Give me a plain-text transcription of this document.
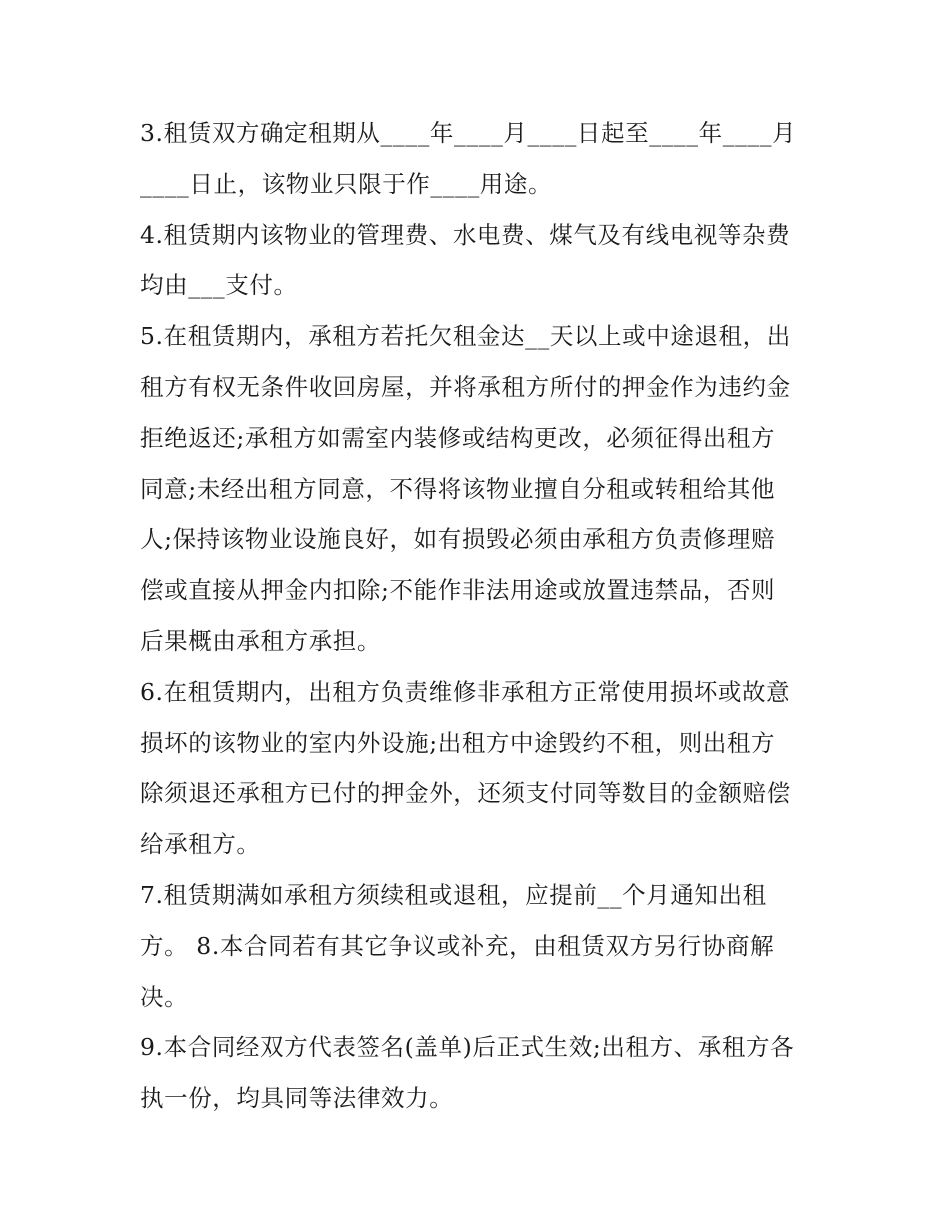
3.租赁双方确定租期从____年____月____日起至____年____月
____日止，该物业只限于作____用途。
4.租赁期内该物业的管理费、水电费、煤气及有线电视等杂费
均由___支付。
5.在租赁期内，承租方若托欠租金达__天以上或中途退租，出
租方有权无条件收回房屋，并将承租方所付的押金作为违约金
拒绝返还;承租方如需室内装修或结构更改，必须征得出租方
同意;未经出租方同意，不得将该物业擅自分租或转租给其他
人;保持该物业设施良好，如有损毁必须由承租方负责修理赔
偿或直接从押金内扣除;不能作非法用途或放置违禁品，否则
后果概由承租方承担。
6.在租赁期内，出租方负责维修非承租方正常使用损坏或故意
损坏的该物业的室内外设施;出租方中途毁约不租，则出租方
除须退还承租方已付的押金外，还须支付同等数目的金额赔偿
给承租方。
7.租赁期满如承租方须续租或退租，应提前__个月通知出租
方。 8.本合同若有其它争议或补充，由租赁双方另行协商解
决。
9.本合同经双方代表签名(盖单)后正式生效;出租方、承租方各
执一份，均具同等法律效力。
